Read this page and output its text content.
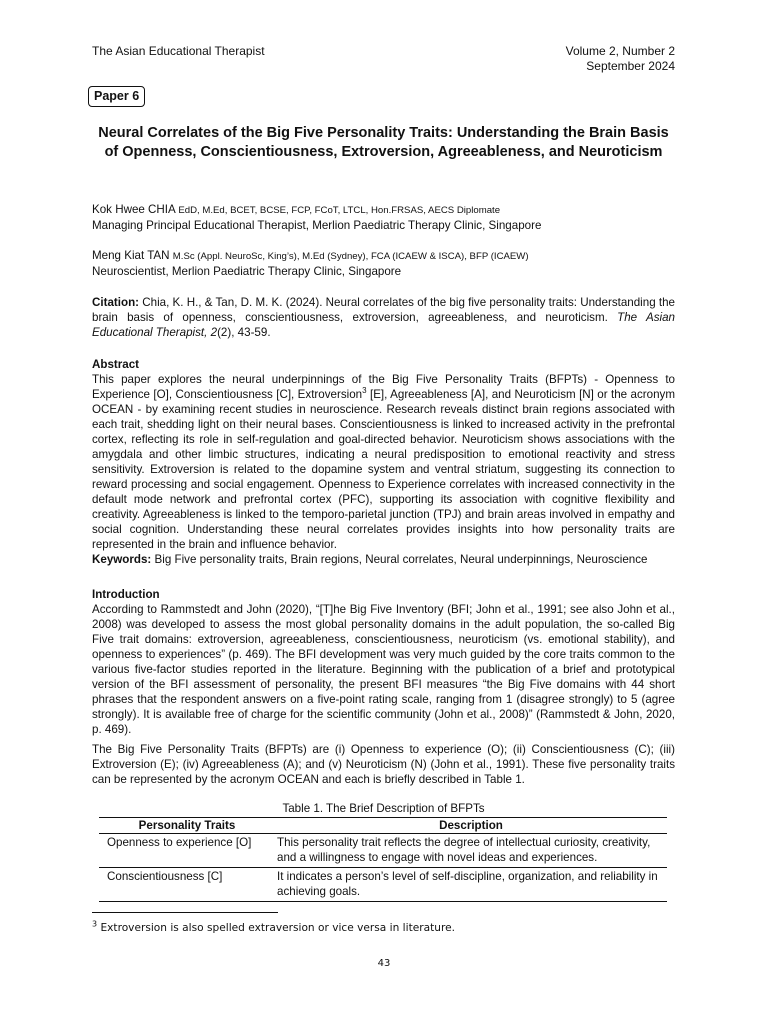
The Asian Educational Therapist	Volume 2, Number 2
September 2024
Paper 6
Neural Correlates of the Big Five Personality Traits: Understanding the Brain Basis of Openness, Conscientiousness, Extroversion, Agreeableness, and Neuroticism
Kok Hwee CHIA EdD, M.Ed, BCET, BCSE, FCP, FCoT, LTCL, Hon.FRSAS, AECS Diplomate
Managing Principal Educational Therapist, Merlion Paediatric Therapy Clinic, Singapore
Meng Kiat TAN M.Sc (Appl. NeuroSc, King’s), M.Ed (Sydney), FCA (ICAEW & ISCA), BFP (ICAEW)
Neuroscientist, Merlion Paediatric Therapy Clinic, Singapore

Citation: Chia, K. H., & Tan, D. M. K. (2024). Neural correlates of the big five personality traits: Understanding the brain basis of openness, conscientiousness, extroversion, agreeableness, and neuroticism. The Asian Educational Therapist, 2(2), 43-59.

Abstract

This paper explores the neural underpinnings of the Big Five Personality Traits (BFPTs) - Openness to Experience [O], Conscientiousness [C], Extroversion$^3$ [E], Agreeableness [A], and Neuroticism [N] or the acronym OCEAN - by examining recent studies in neuroscience. Research reveals distinct brain regions associated with each trait, shedding light on their neural bases. Conscientiousness is linked to increased activity in the prefrontal cortex, reflecting its role in self-regulation and goal-directed behavior. Neuroticism shows associations with the amygdala and other limbic structures, indicating a neural predisposition to emotional reactivity and stress sensitivity. Extroversion is related to the dopamine system and ventral striatum, suggesting its connection to reward processing and social engagement. Openness to Experience correlates with increased connectivity in the default mode network and prefrontal cortex (PFC), supporting its association with cognitive flexibility and creativity. Agreeableness is linked to the temporo-parietal junction (TPJ) and brain areas involved in empathy and social cognition. Understanding these neural correlates provides insights into how personality traits are represented in the brain and influence behavior.

Keywords: Big Five personality traits, Brain regions, Neural correlates, Neural underpinnings, Neuroscience

Introduction

According to Rammstedt and John (2020), “[T]he Big Five Inventory (BFI; John et al., 1991; see also John et al., 2008) was developed to assess the most global personality domains in the adult population, the so-called Big Five trait domains: extroversion, agreeableness, conscientiousness, neuroticism (vs. emotional stability), and openness to experiences” (p. 469). The BFI development was very much guided by the core traits common to the various five-factor studies reported in the literature. Beginning with the publication of a brief and prototypical version of the BFI assessment of personality, the present BFI measures “the Big Five domains with 44 short phrases that the respondent answers on a five-point rating scale, ranging from 1 (disagree strongly) to 5 (agree strongly). It is available free of charge for the scientific community (John et al., 2008)” (Rammstedt & John, 2020, p. 469).

The Big Five Personality Traits (BFPTs) are (i) Openness to experience (O); (ii) Conscientiousness (C); (iii) Extroversion (E); (iv) Agreeableness (A); and (v) Neuroticism (N) (John et al., 1991). These five personality traits can be represented by the acronym OCEAN and each is briefly described in Table 1.

Table 1. The Brief Description of BFPTs
Personality Traits	Description
Openness to experience [O]	This personality trait reflects the degree of intellectual curiosity, creativity, and a willingness to engage with novel ideas and experiences.
Conscientiousness [C]	It indicates a person’s level of self-discipline, organization, and reliability in achieving goals.
$^3$ Extroversion is also spelled extraversion or vice versa in literature.
43
